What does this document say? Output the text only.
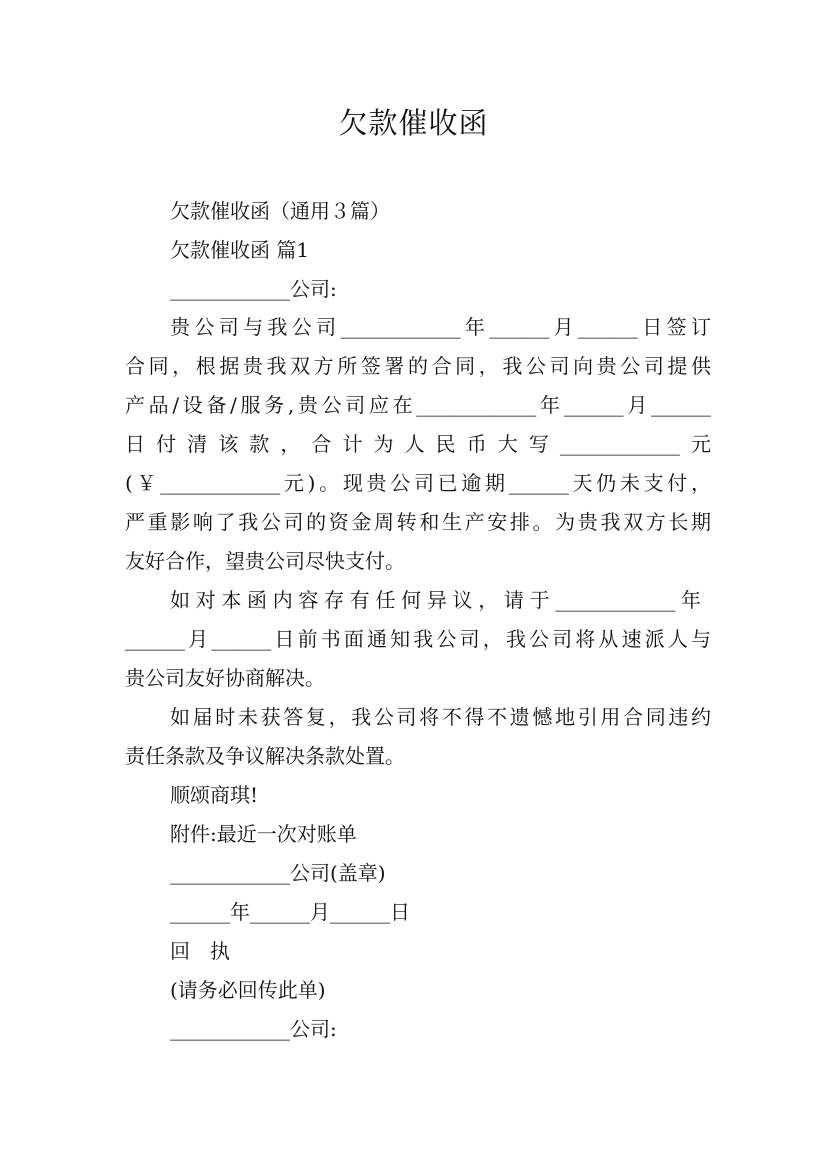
欠款催收函
欠款催收函（通用３篇）
欠款催收函 篇1
____________公司:
贵公司与我公司____________年______月______日签订
合同，根据贵我双方所签署的合同，我公司向贵公司提供
产品/设备/服务,贵公司应在____________年______月______
日付清该款，合计为人民币大写____________元
(￥____________元)。现贵公司已逾期______天仍未支付，
严重影响了我公司的资金周转和生产安排。为贵我双方长期
友好合作，望贵公司尽快支付。
如对本函内容存有任何异议，请于____________年
______月______日前书面通知我公司，我公司将从速派人与
贵公司友好协商解决。
如届时未获答复，我公司将不得不遗憾地引用合同违约
责任条款及争议解决条款处置。
顺颂商琪!
附件:最近一次对账单
____________公司(盖章)
______年______月______日
回　执
(请务必回传此单)
____________公司:
